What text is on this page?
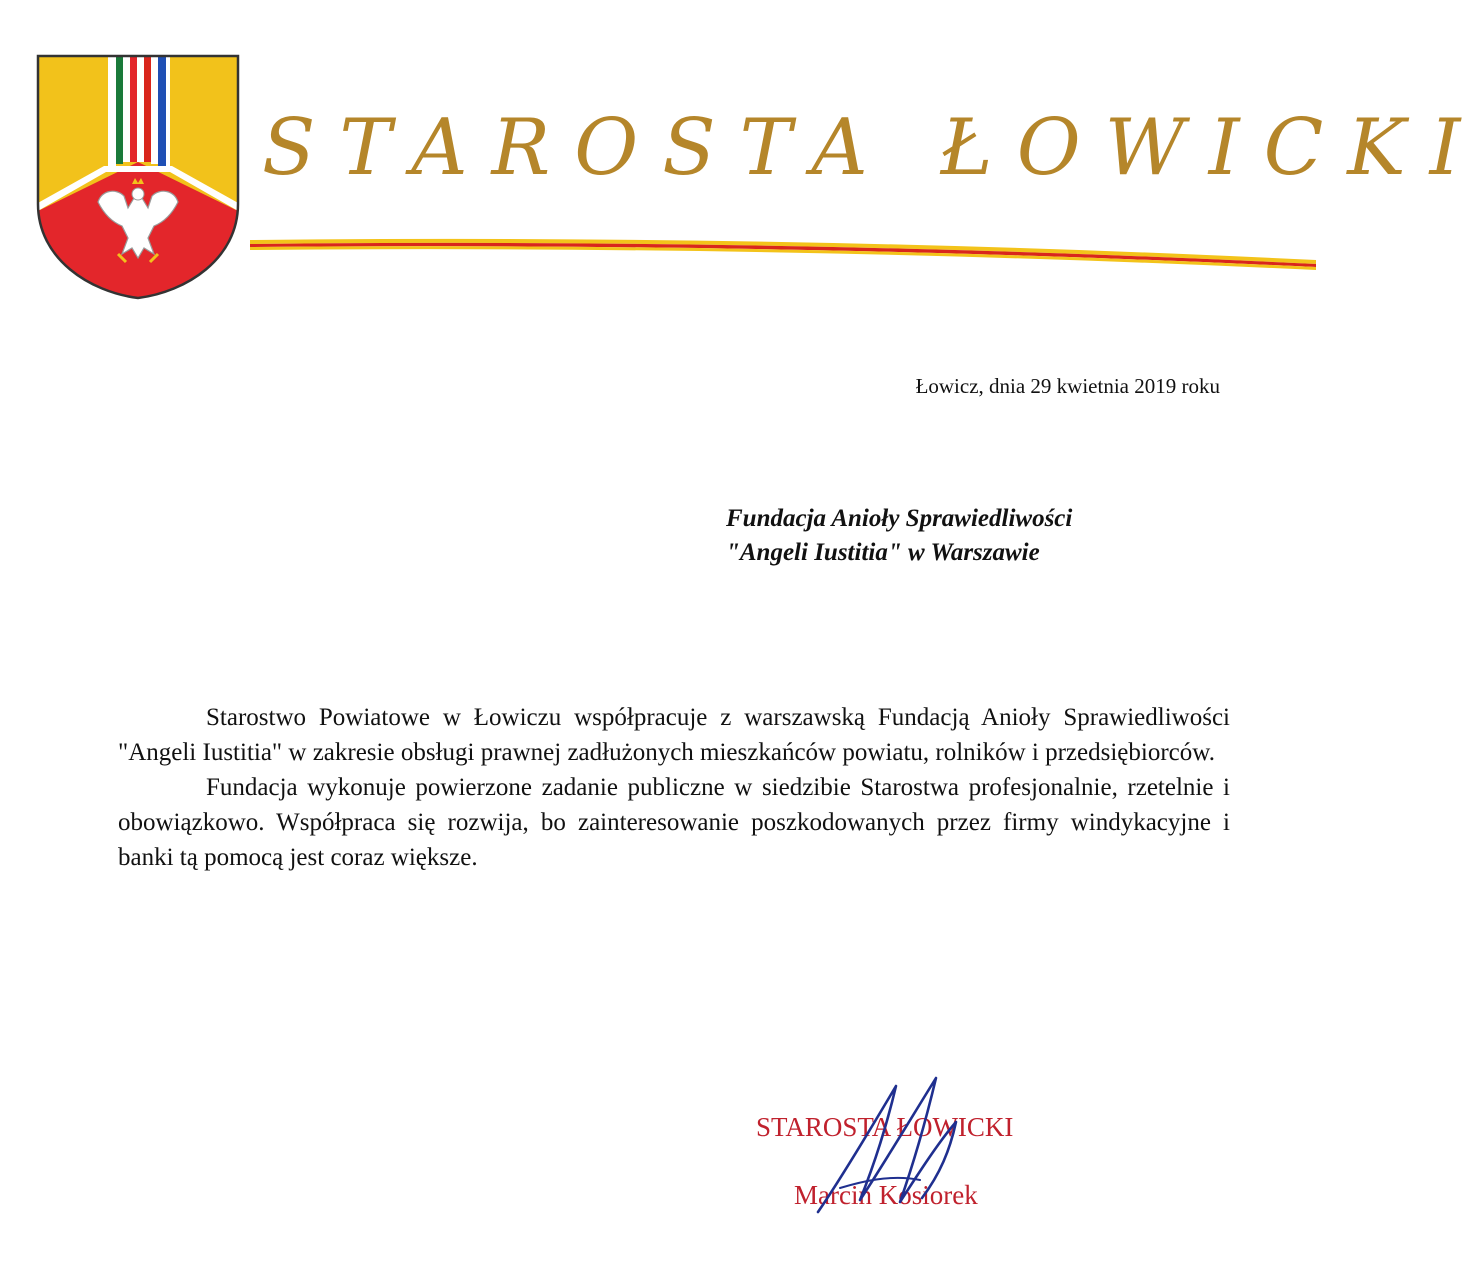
STAROSTA ŁOWICKI
Łowicz, dnia 29 kwietnia 2019 roku
Fundacja Anioły Sprawiedliwości
"Angeli Iustitia" w Warszawie

Starostwo Powiatowe w Łowiczu współpracuje z warszawską Fundacją Anioły Sprawiedliwości "Angeli Iustitia" w zakresie obsługi prawnej zadłużonych mieszkańców powiatu, rolników i przedsiębiorców.

Fundacja wykonuje powierzone zadanie publiczne w siedzibie Starostwa profesjonalnie, rzetelnie i obowiązkowo. Współpraca się rozwija, bo zainteresowanie poszkodowanych przez firmy windykacyjne i banki tą pomocą jest coraz większe.

STAROSTA ŁOWICKI
Marcin Kosiorek
